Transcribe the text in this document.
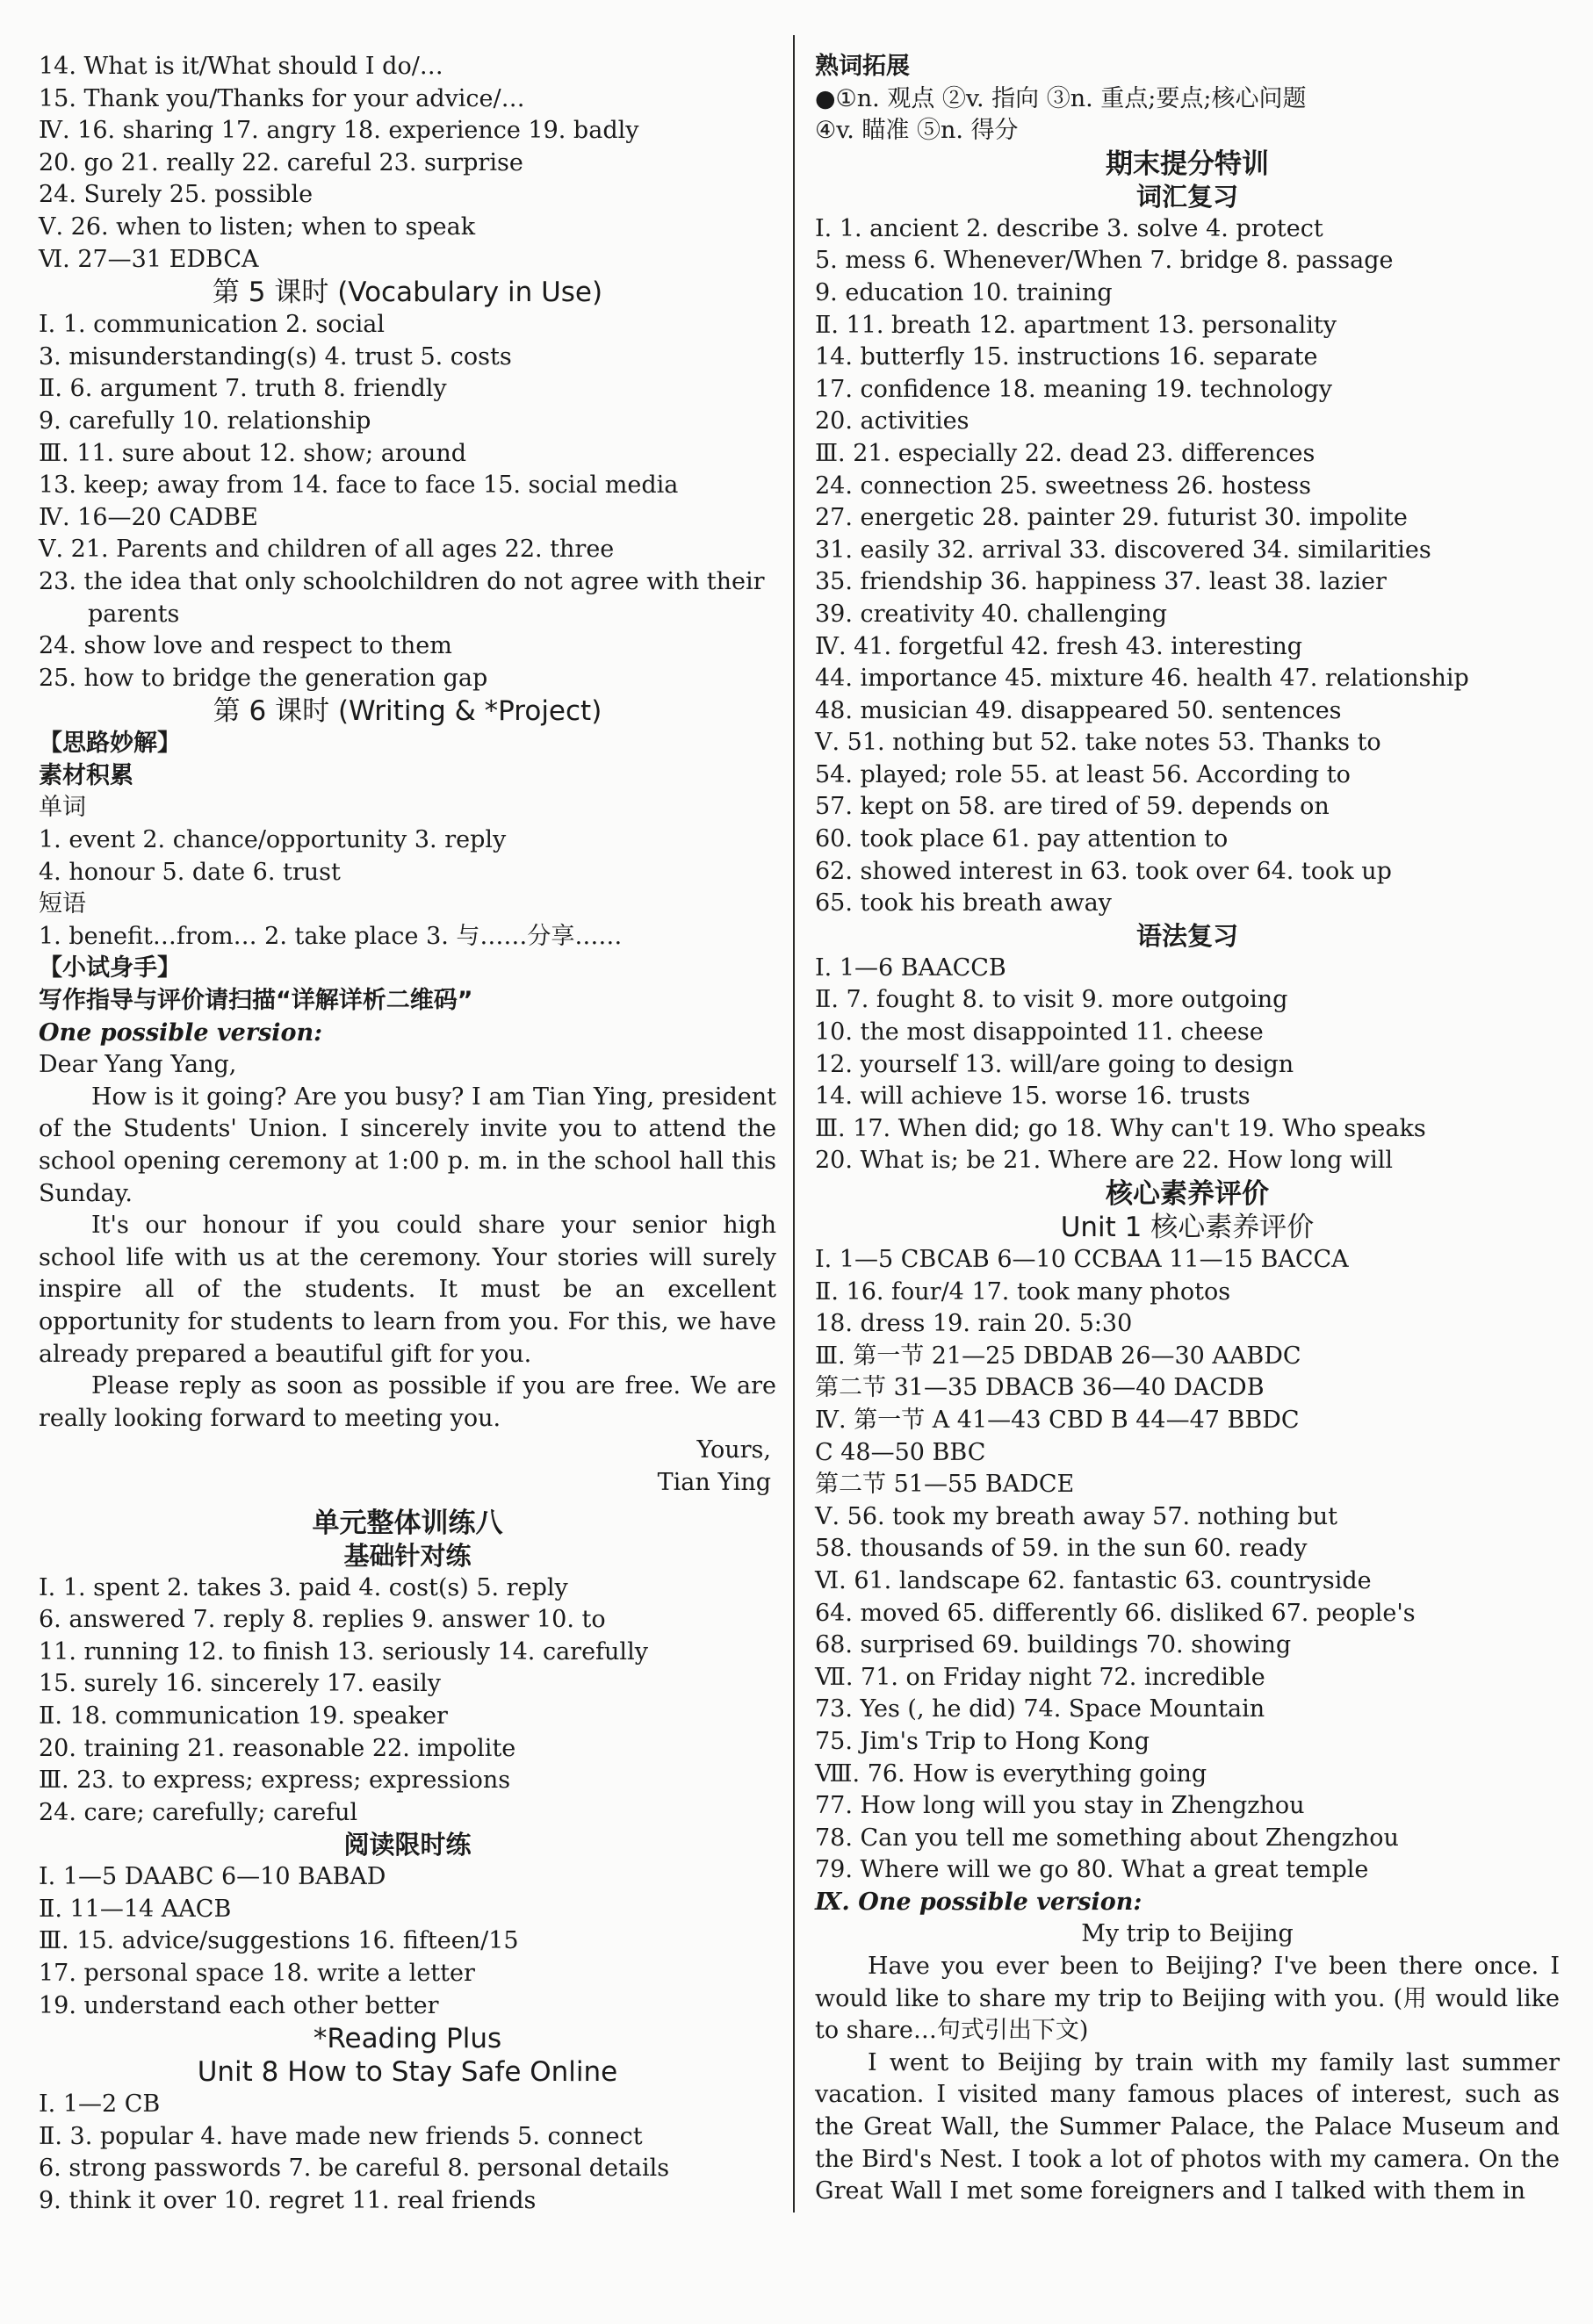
14. What is it/What should I do/…
15. Thank you/Thanks for your advice/…
Ⅳ. 16. sharing 17. angry 18. experience 19. badly
20. go 21. really 22. careful 23. surprise
24. Surely 25. possible
Ⅴ. 26. when to listen; when to speak
Ⅵ. 27—31 EDBCA
第 5 课时 (Vocabulary in Use)
Ⅰ. 1. communication 2. social
3. misunderstanding(s) 4. trust 5. costs
Ⅱ. 6. argument 7. truth 8. friendly
9. carefully 10. relationship
Ⅲ. 11. sure about 12. show; around
13. keep; away from 14. face to face 15. social media
Ⅳ. 16—20 CADBE
Ⅴ. 21. Parents and children of all ages 22. three
23. the idea that only schoolchildren do not agree with their
parents
24. show love and respect to them
25. how to bridge the generation gap
第 6 课时 (Writing & *Project)
【思路妙解】
素材积累
单词
1. event 2. chance/opportunity 3. reply
4. honour 5. date 6. trust
短语
1. benefit…from… 2. take place 3. 与……分享……
【小试身手】
写作指导与评价请扫描“详解详析二维码”
One possible version:
Dear Yang Yang,
How is it going? Are you busy? I am Tian Ying, president of the Students' Union. I sincerely invite you to attend the school opening ceremony at 1:00 p. m. in the school hall this Sunday.
It's our honour if you could share your senior high school life with us at the ceremony. Your stories will surely inspire all of the students. It must be an excellent opportunity for students to learn from you. For this, we have already prepared a beautiful gift for you.
Please reply as soon as possible if you are free. We are really looking forward to meeting you.
Yours,
Tian Ying
单元整体训练八
基础针对练
Ⅰ. 1. spent 2. takes 3. paid 4. cost(s) 5. reply
6. answered 7. reply 8. replies 9. answer 10. to
11. running 12. to finish 13. seriously 14. carefully
15. surely 16. sincerely 17. easily
Ⅱ. 18. communication 19. speaker
20. training 21. reasonable 22. impolite
Ⅲ. 23. to express; express; expressions
24. care; carefully; careful
阅读限时练
Ⅰ. 1—5 DAABC 6—10 BABAD
Ⅱ. 11—14 AACB
Ⅲ. 15. advice/suggestions 16. fifteen/15
17. personal space 18. write a letter
19. understand each other better
*Reading Plus
Unit 8 How to Stay Safe Online
Ⅰ. 1—2 CB
Ⅱ. 3. popular 4. have made new friends 5. connect
6. strong passwords 7. be careful 8. personal details
9. think it over 10. regret 11. real friends
熟词拓展
●①n. 观点 ②v. 指向 ③n. 重点;要点;核心问题
④v. 瞄准 ⑤n. 得分
期末提分特训
词汇复习
Ⅰ. 1. ancient 2. describe 3. solve 4. protect
5. mess 6. Whenever/When 7. bridge 8. passage
9. education 10. training
Ⅱ. 11. breath 12. apartment 13. personality
14. butterfly 15. instructions 16. separate
17. confidence 18. meaning 19. technology
20. activities
Ⅲ. 21. especially 22. dead 23. differences
24. connection 25. sweetness 26. hostess
27. energetic 28. painter 29. futurist 30. impolite
31. easily 32. arrival 33. discovered 34. similarities
35. friendship 36. happiness 37. least 38. lazier
39. creativity 40. challenging
Ⅳ. 41. forgetful 42. fresh 43. interesting
44. importance 45. mixture 46. health 47. relationship
48. musician 49. disappeared 50. sentences
Ⅴ. 51. nothing but 52. take notes 53. Thanks to
54. played; role 55. at least 56. According to
57. kept on 58. are tired of 59. depends on
60. took place 61. pay attention to
62. showed interest in 63. took over 64. took up
65. took his breath away
语法复习
Ⅰ. 1—6 BAACCB
Ⅱ. 7. fought 8. to visit 9. more outgoing
10. the most disappointed 11. cheese
12. yourself 13. will/are going to design
14. will achieve 15. worse 16. trusts
Ⅲ. 17. When did; go 18. Why can't 19. Who speaks
20. What is; be 21. Where are 22. How long will
核心素养评价
Unit 1 核心素养评价
Ⅰ. 1—5 CBCAB 6—10 CCBAA 11—15 BACCA
Ⅱ. 16. four/4 17. took many photos
18. dress 19. rain 20. 5:30
Ⅲ. 第一节 21—25 DBDAB 26—30 AABDC
第二节 31—35 DBACB 36—40 DACDB
Ⅳ. 第一节 A 41—43 CBD B 44—47 BBDC
C 48—50 BBC
第二节 51—55 BADCE
Ⅴ. 56. took my breath away 57. nothing but
58. thousands of 59. in the sun 60. ready
Ⅵ. 61. landscape 62. fantastic 63. countryside
64. moved 65. differently 66. disliked 67. people's
68. surprised 69. buildings 70. showing
Ⅶ. 71. on Friday night 72. incredible
73. Yes (, he did) 74. Space Mountain
75. Jim's Trip to Hong Kong
Ⅷ. 76. How is everything going
77. How long will you stay in Zhengzhou
78. Can you tell me something about Zhengzhou
79. Where will we go 80. What a great temple
Ⅸ. One possible version:
My trip to Beijing
Have you ever been to Beijing? I've been there once. I would like to share my trip to Beijing with you. (用 would like to share…句式引出下文)
I went to Beijing by train with my family last summer vacation. I visited many famous places of interest, such as the Great Wall, the Summer Palace, the Palace Museum and the Bird's Nest. I took a lot of photos with my camera. On the Great Wall I met some foreigners and I talked with them in
